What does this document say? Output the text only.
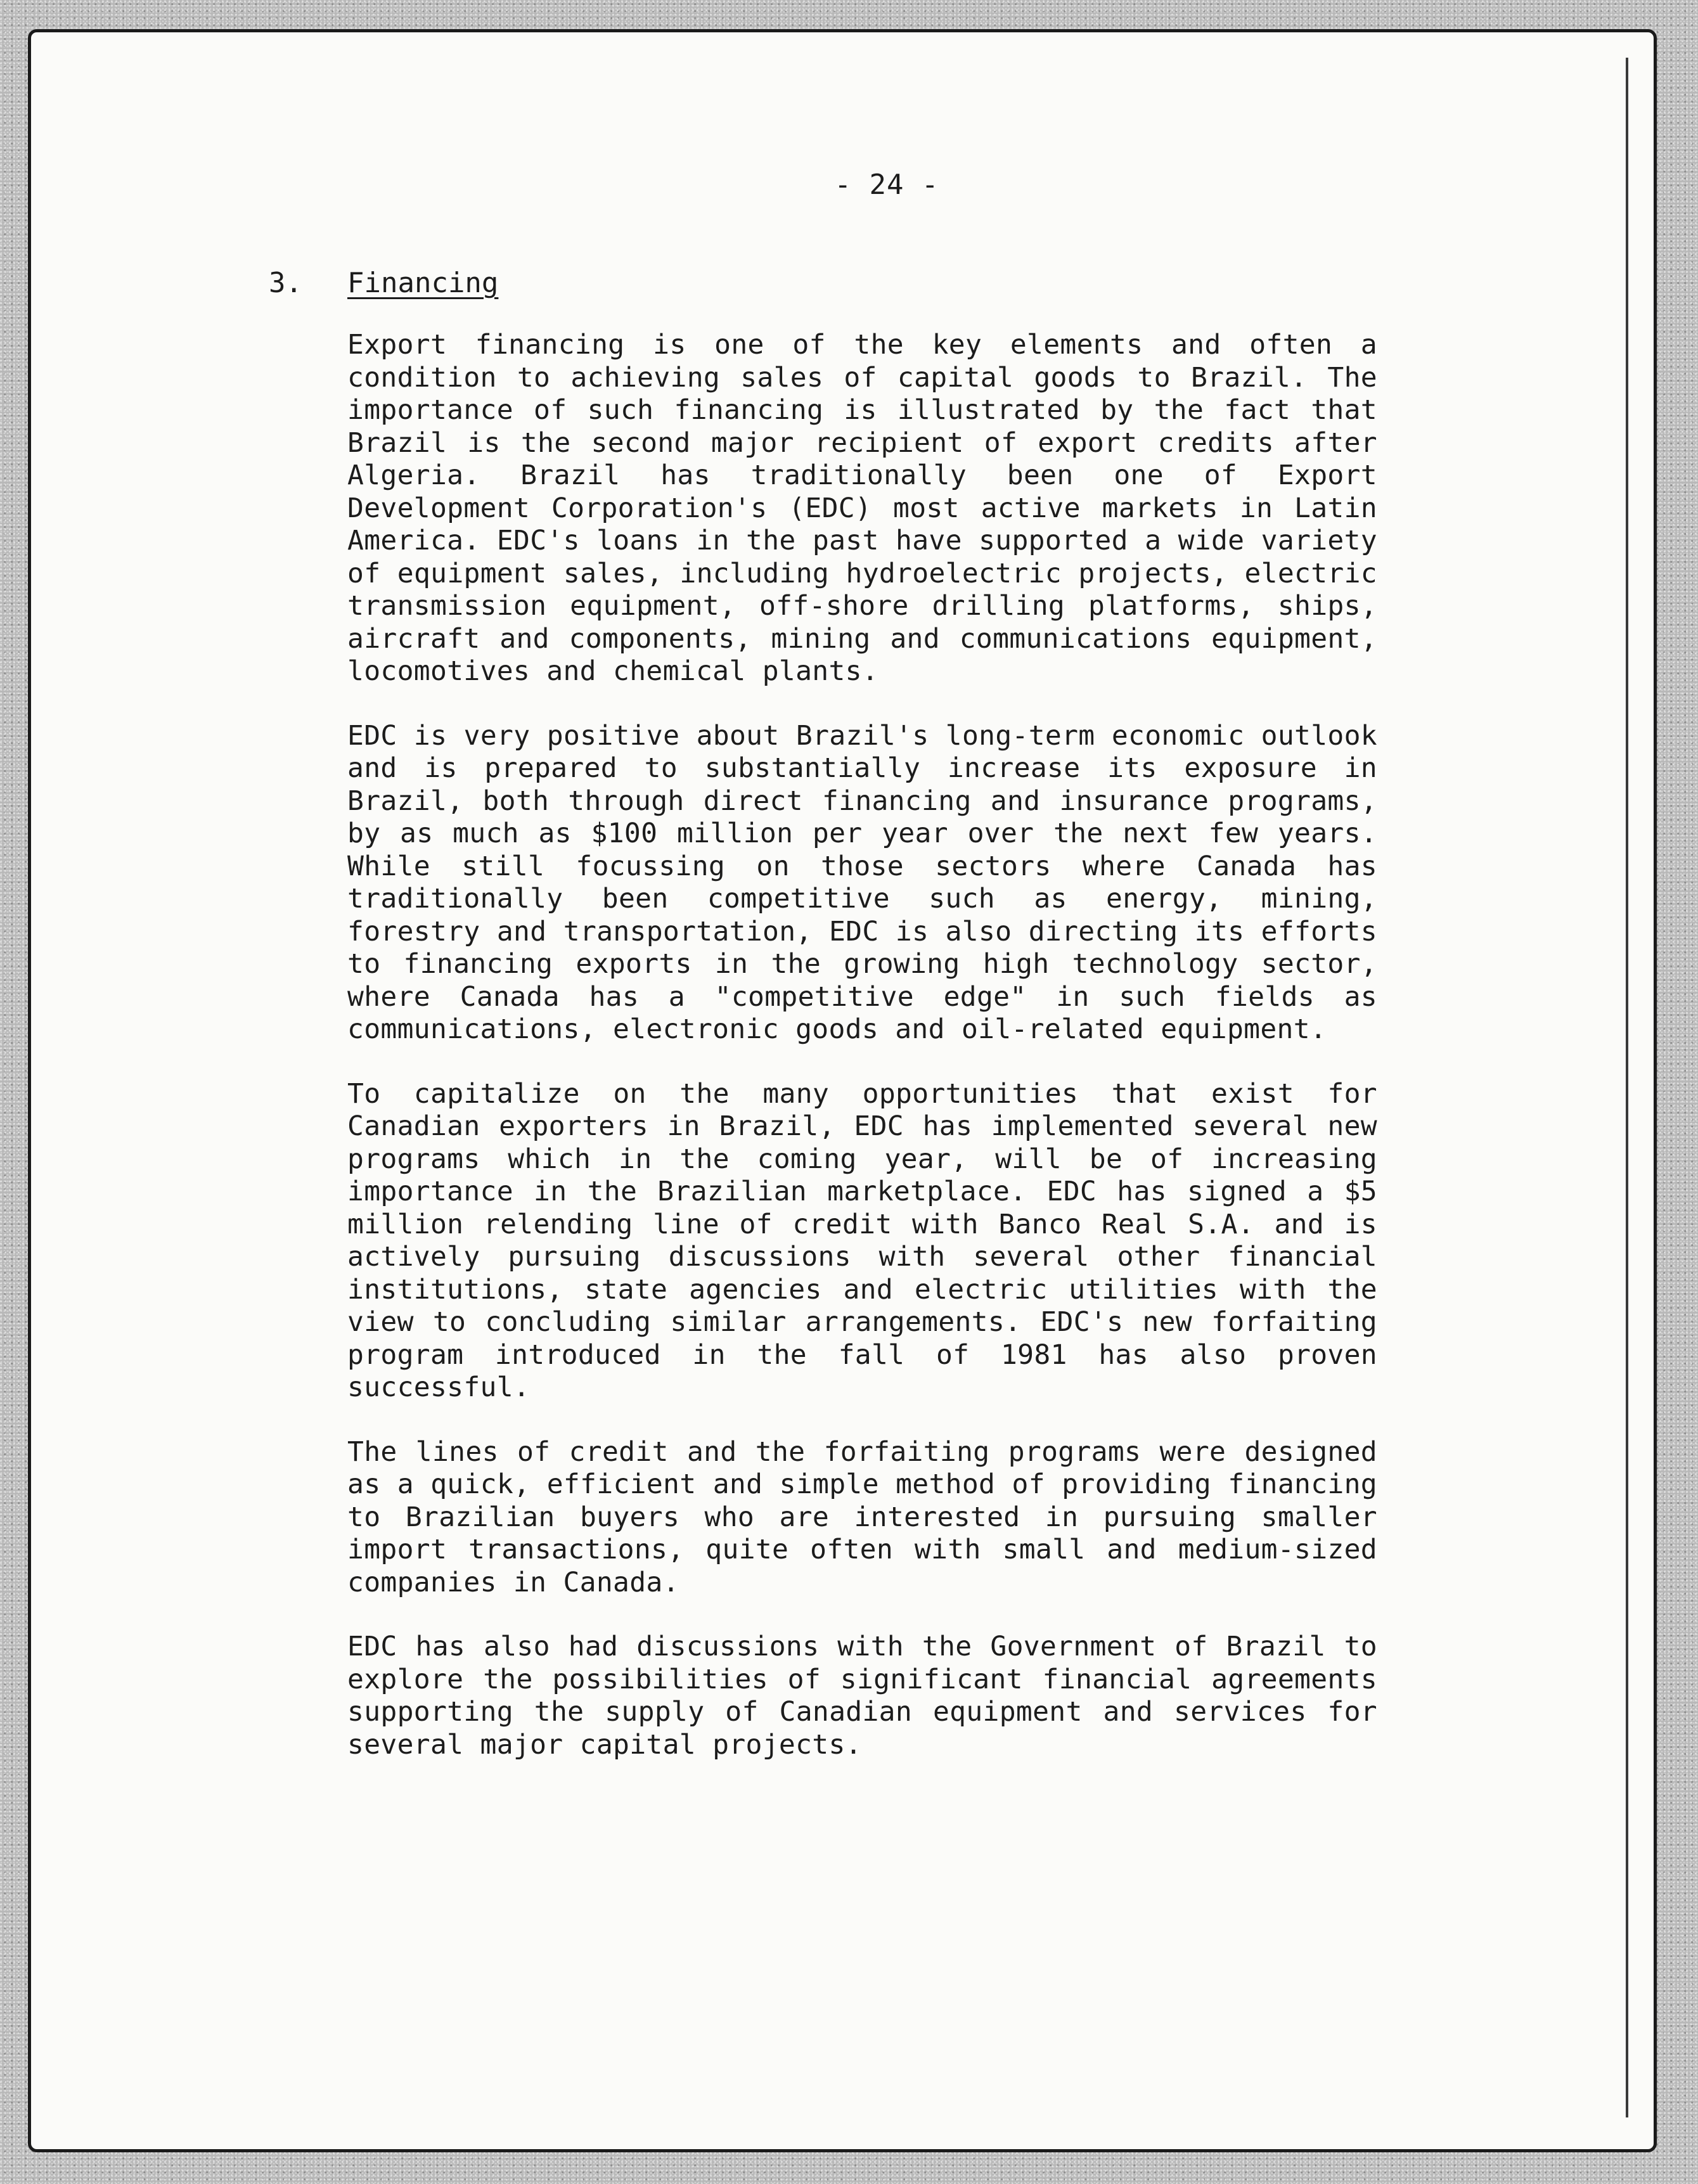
- 24 -
3. Financing

Export financing is one of the key elements and often a condition to achieving sales of capital goods to Brazil. The importance of such financing is illustrated by the fact that Brazil is the second major recipient of export credits after Algeria. Brazil has traditionally been one of Export Development Corporation's (EDC) most active markets in Latin America. EDC's loans in the past have supported a wide variety of equipment sales, including hydroelectric projects, electric transmission equipment, off-shore drilling platforms, ships, aircraft and components, mining and communications equipment, locomotives and chemical plants.

EDC is very positive about Brazil's long-term economic outlook and is prepared to substantially increase its exposure in Brazil, both through direct financing and insurance programs, by as much as $100 million per year over the next few years. While still focussing on those sectors where Canada has traditionally been competitive such as energy, mining, forestry and transportation, EDC is also directing its efforts to financing exports in the growing high technology sector, where Canada has a "competitive edge" in such fields as communications, electronic goods and oil-related equipment.

To capitalize on the many opportunities that exist for Canadian exporters in Brazil, EDC has implemented several new programs which in the coming year, will be of increasing importance in the Brazilian marketplace. EDC has signed a $5 million relending line of credit with Banco Real S.A. and is actively pursuing discussions with several other financial institutions, state agencies and electric utilities with the view to concluding similar arrangements. EDC's new forfaiting program introduced in the fall of 1981 has also proven successful.

The lines of credit and the forfaiting programs were designed as a quick, efficient and simple method of providing financing to Brazilian buyers who are interested in pursuing smaller import transactions, quite often with small and medium-sized companies in Canada.

EDC has also had discussions with the Government of Brazil to explore the possibilities of significant financial agreements supporting the supply of Canadian equipment and services for several major capital projects.
